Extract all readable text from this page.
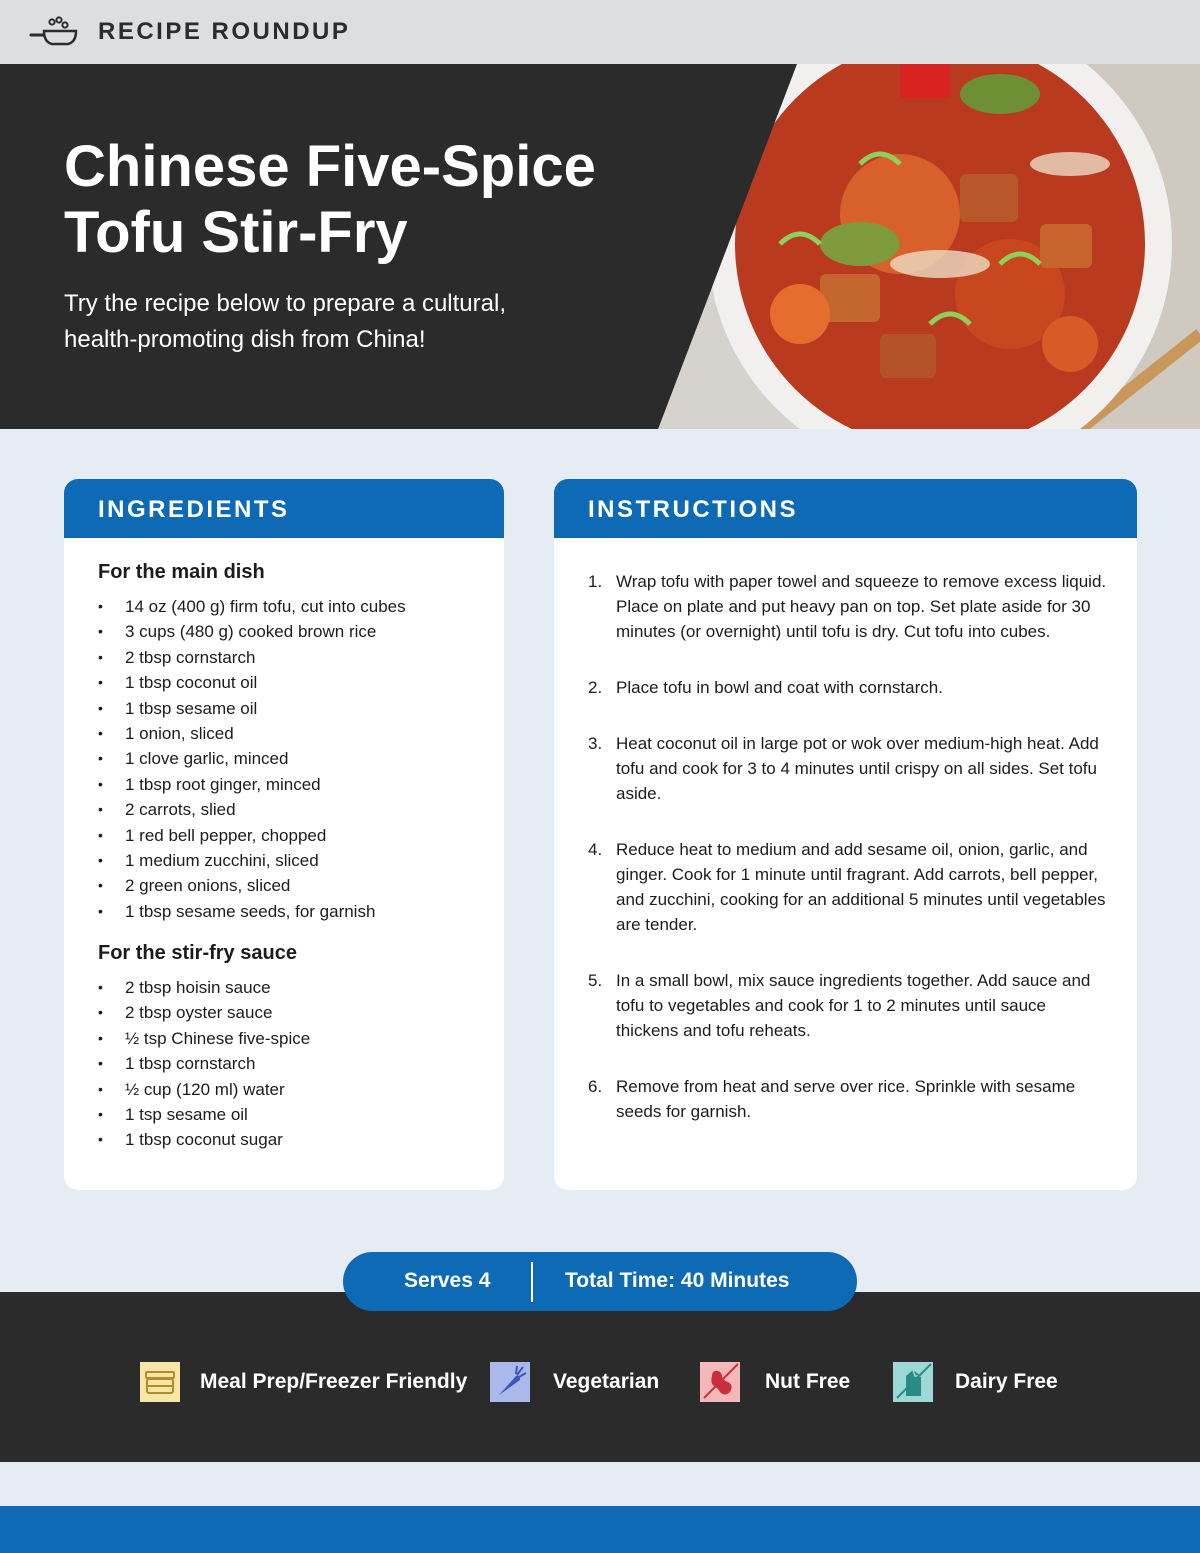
RECIPE ROUNDUP
Chinese Five-Spice
Tofu Stir-Fry
Try the recipe below to prepare a cultural,
health-promoting dish from China!
INGREDIENTS
For the main dish
• 14 oz (400 g) firm tofu, cut into cubes
• 3 cups (480 g) cooked brown rice
• 2 tbsp cornstarch
• 1 tbsp coconut oil
• 1 tbsp sesame oil
• 1 onion, sliced
• 1 clove garlic, minced
• 1 tbsp root ginger, minced
• 2 carrots, slied
• 1 red bell pepper, chopped
• 1 medium zucchini, sliced
• 2 green onions, sliced
• 1 tbsp sesame seeds, for garnish
For the stir-fry sauce
• 2 tbsp hoisin sauce
• 2 tbsp oyster sauce
• ½ tsp Chinese five-spice
• 1 tbsp cornstarch
• ½ cup (120 ml) water
• 1 tsp sesame oil
• 1 tbsp coconut sugar
INSTRUCTIONS
1. Wrap tofu with paper towel and squeeze to remove excess liquid. Place on plate and put heavy pan on top. Set plate aside for 30 minutes (or overnight) until tofu is dry. Cut tofu into cubes.
2. Place tofu in bowl and coat with cornstarch.
3. Heat coconut oil in large pot or wok over medium-high heat. Add tofu and cook for 3 to 4 minutes until crispy on all sides. Set tofu aside.
4. Reduce heat to medium and add sesame oil, onion, garlic, and ginger. Cook for 1 minute until fragrant. Add carrots, bell pepper, and zucchini, cooking for an additional 5 minutes until vegetables are tender.
5. In a small bowl, mix sauce ingredients together. Add sauce and tofu to vegetables and cook for 1 to 2 minutes until sauce thickens and tofu reheats.
6. Remove from heat and serve over rice. Sprinkle with sesame seeds for garnish.
Serves 4	Total Time: 40 Minutes
Meal Prep/Freezer Friendly	Vegetarian	Nut Free	Dairy Free
